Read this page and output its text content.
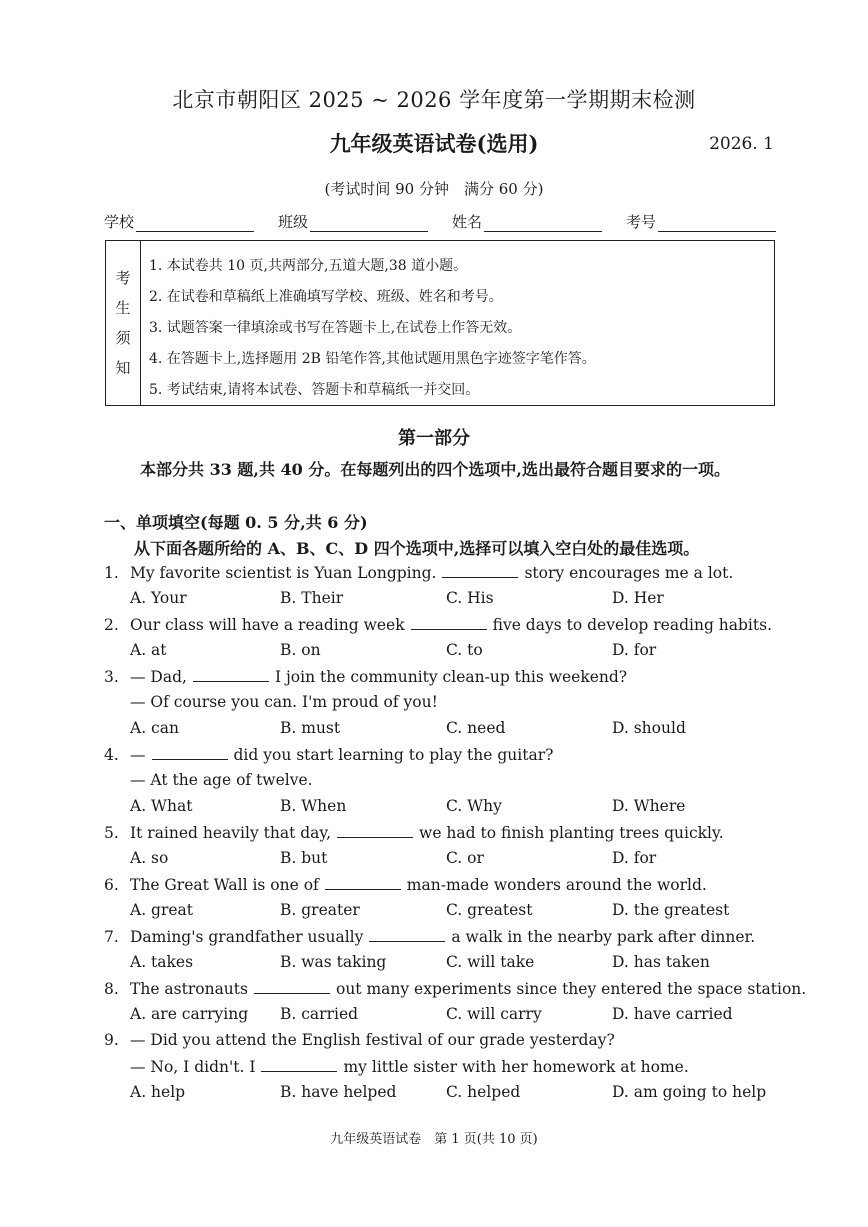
北京市朝阳区 2025 ~ 2026 学年度第一学期期末检测
九年级英语试卷(选用)	2026. 1
(考试时间 90 分钟　满分 60 分)
学校	班级	姓名	考号
考
生
须
知
1. 本试卷共 10 页,共两部分,五道大题,38 道小题。
2. 在试卷和草稿纸上准确填写学校、班级、姓名和考号。
3. 试题答案一律填涂或书写在答题卡上,在试卷上作答无效。
4. 在答题卡上,选择题用 2B 铅笔作答,其他试题用黑色字迹签字笔作答。
5. 考试结束,请将本试卷、答题卡和草稿纸一并交回。
第一部分
本部分共 33 题,共 40 分。在每题列出的四个选项中,选出最符合题目要求的一项。
一、单项填空(每题 0. 5 分,共 6 分)
从下面各题所给的 A、B、C、D 四个选项中,选择可以填入空白处的最佳选项。
1. My favorite scientist is Yuan Longping.	story encourages me a lot.
A. Your	B. Their	C. His	D. Her
2. Our class will have a reading week	five days to develop reading habits.
A. at	B. on	C. to	D. for
3. — Dad,	I join the community clean-up this weekend?
— Of course you can. I'm proud of you!
A. can	B. must	C. need	D. should
4. —	did you start learning to play the guitar?
— At the age of twelve.
A. What	B. When	C. Why	D. Where
5. It rained heavily that day,	we had to finish planting trees quickly.
A. so	B. but	C. or	D. for
6. The Great Wall is one of	man-made wonders around the world.
A. great	B. greater	C. greatest	D. the greatest
7. Daming's grandfather usually	a walk in the nearby park after dinner.
A. takes	B. was taking	C. will take	D. has taken
8. The astronauts	out many experiments since they entered the space station.
A. are carrying B. carried	C. will carry	D. have carried
9. — Did you attend the English festival of our grade yesterday?
— No, I didn't. I	my little sister with her homework at home.
A. help	B. have helped	C. helped	D. am going to help
九年级英语试卷　第 1 页(共 10 页)
